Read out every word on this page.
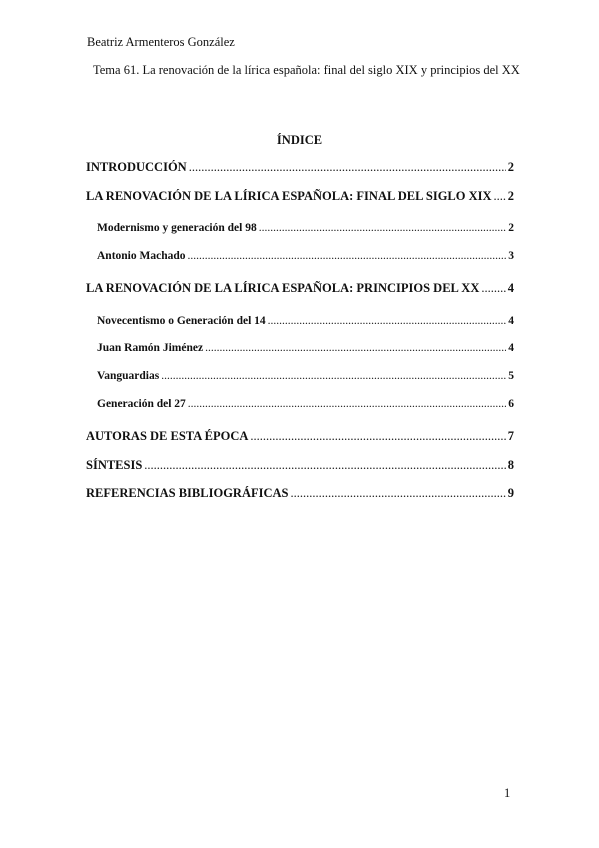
Beatriz Armenteros González
Tema 61. La renovación de la lírica española: final del siglo XIX y principios del XX
ÍNDICE
INTRODUCCIÓN .....	2
LA RENOVACIÓN DE LA LÍRICA ESPAÑOLA: FINAL DEL SIGLO XIX ..... 2
Modernismo y generación del 98 .....	2
Antonio Machado .....	3
LA RENOVACIÓN DE LA LÍRICA ESPAÑOLA: PRINCIPIOS DEL XX ..... 4
Novecentismo o Generación del 14 .....	4
Juan Ramón Jiménez .....	4
Vanguardias .....	5
Generación del 27 .....	6
AUTORAS DE ESTA ÉPOCA .....	7
SÍNTESIS .....	8
REFERENCIAS BIBLIOGRÁFICAS .....	9
1
